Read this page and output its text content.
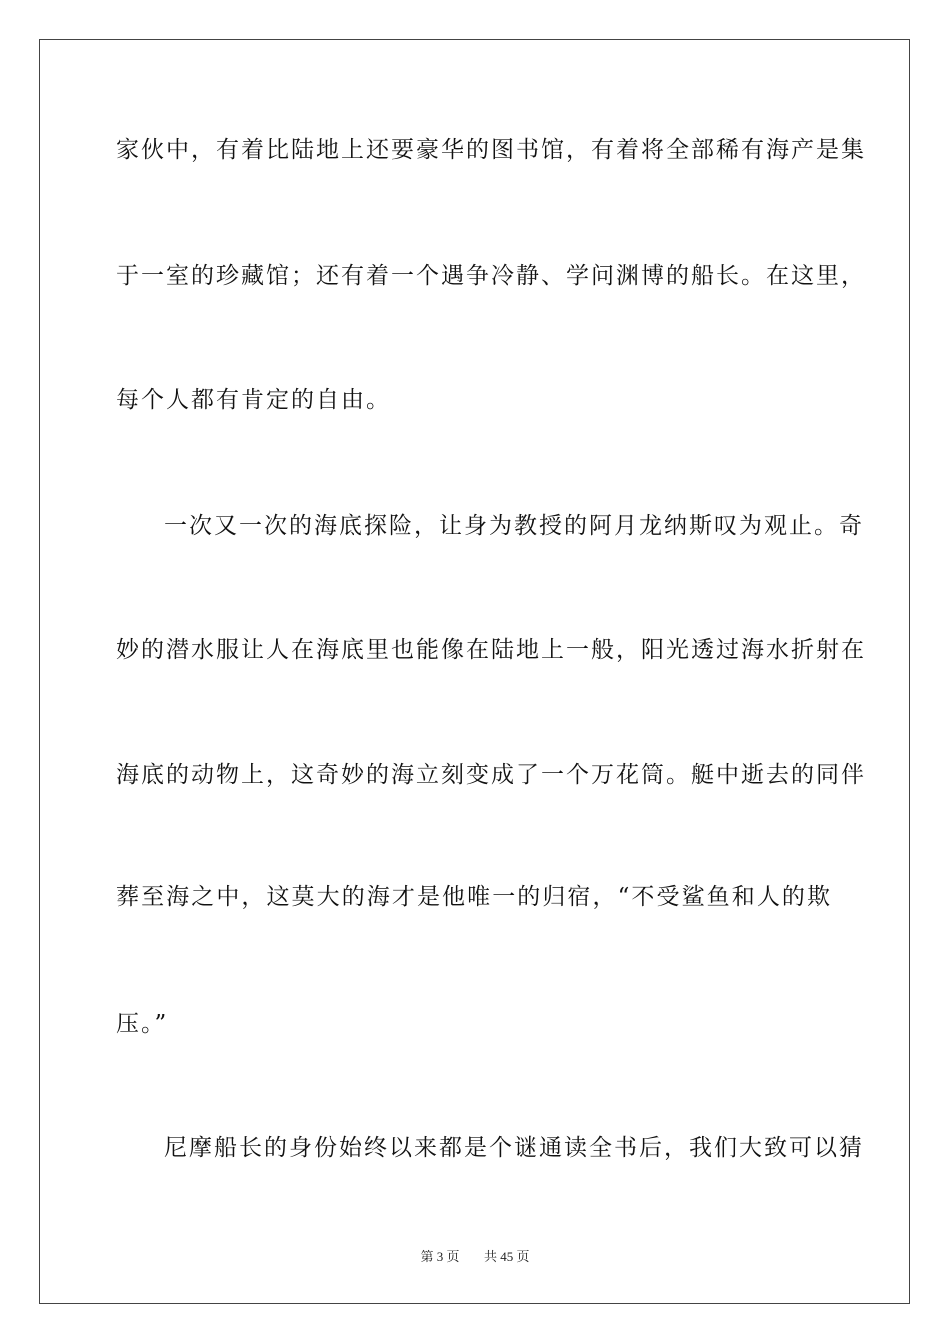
家伙中，有着比陆地上还要豪华的图书馆，有着将全部稀有海产是集
于一室的珍藏馆；还有着一个遇争冷静、学问渊博的船长。在这里，
每个人都有肯定的自由。
一次又一次的海底探险，让身为教授的阿月龙纳斯叹为观止。奇
妙的潜水服让人在海底里也能像在陆地上一般，阳光透过海水折射在
海底的动物上，这奇妙的海立刻变成了一个万花筒。艇中逝去的同伴
葬至海之中，这莫大的海才是他唯一的归宿，“不受鲨鱼和人的欺
压。”
尼摩船长的身份始终以来都是个谜通读全书后，我们大致可以猜
第 3 页 共 45 页
